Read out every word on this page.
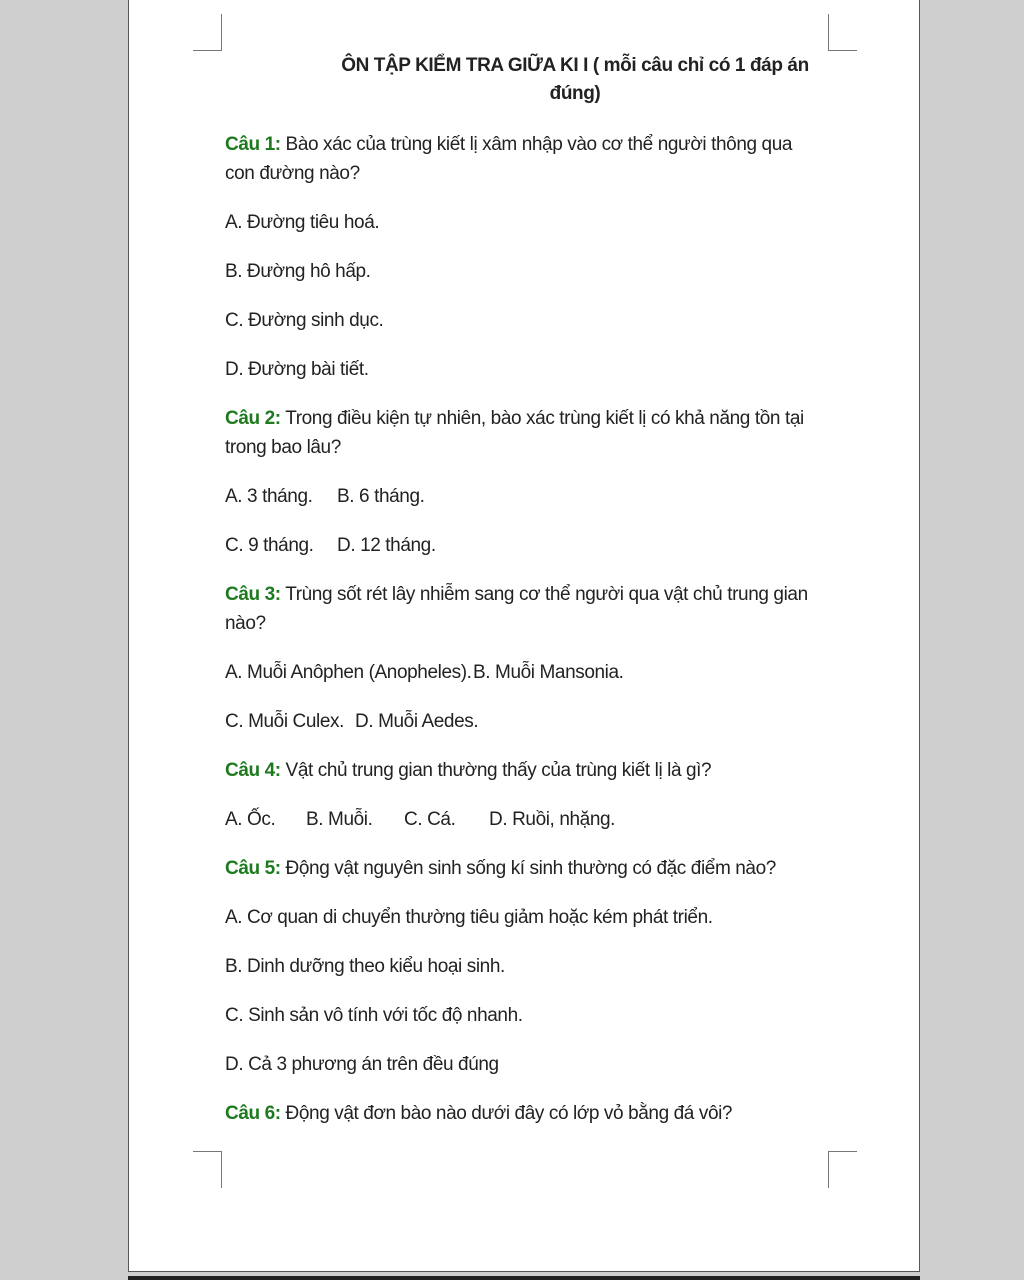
ÔN TẬP KIỂM TRA GIỮA KI I ( mỗi câu chỉ có 1 đáp án đúng)
Câu 1: Bào xác của trùng kiết lị xâm nhập vào cơ thể người thông qua con đường nào?
A. Đường tiêu hoá.
B. Đường hô hấp.
C. Đường sinh dục.
D. Đường bài tiết.
Câu 2: Trong điều kiện tự nhiên, bào xác trùng kiết lị có khả năng tồn tại trong bao lâu?
A. 3 tháng. B. 6 tháng.
C. 9 tháng. D. 12 tháng.
Câu 3: Trùng sốt rét lây nhiễm sang cơ thể người qua vật chủ trung gian nào?
A. Muỗi Anôphen (Anopheles).B. Muỗi Mansonia.
C. Muỗi Culex. D. Muỗi Aedes.
Câu 4: Vật chủ trung gian thường thấy của trùng kiết lị là gì?
A. Ốc. B. Muỗi. C. Cá. D. Ruồi, nhặng.
Câu 5: Động vật nguyên sinh sống kí sinh thường có đặc điểm nào?
A. Cơ quan di chuyển thường tiêu giảm hoặc kém phát triển.
B. Dinh dưỡng theo kiểu hoại sinh.
C. Sinh sản vô tính với tốc độ nhanh.
D. Cả 3 phương án trên đều đúng
Câu 6: Động vật đơn bào nào dưới đây có lớp vỏ bằng đá vôi?
